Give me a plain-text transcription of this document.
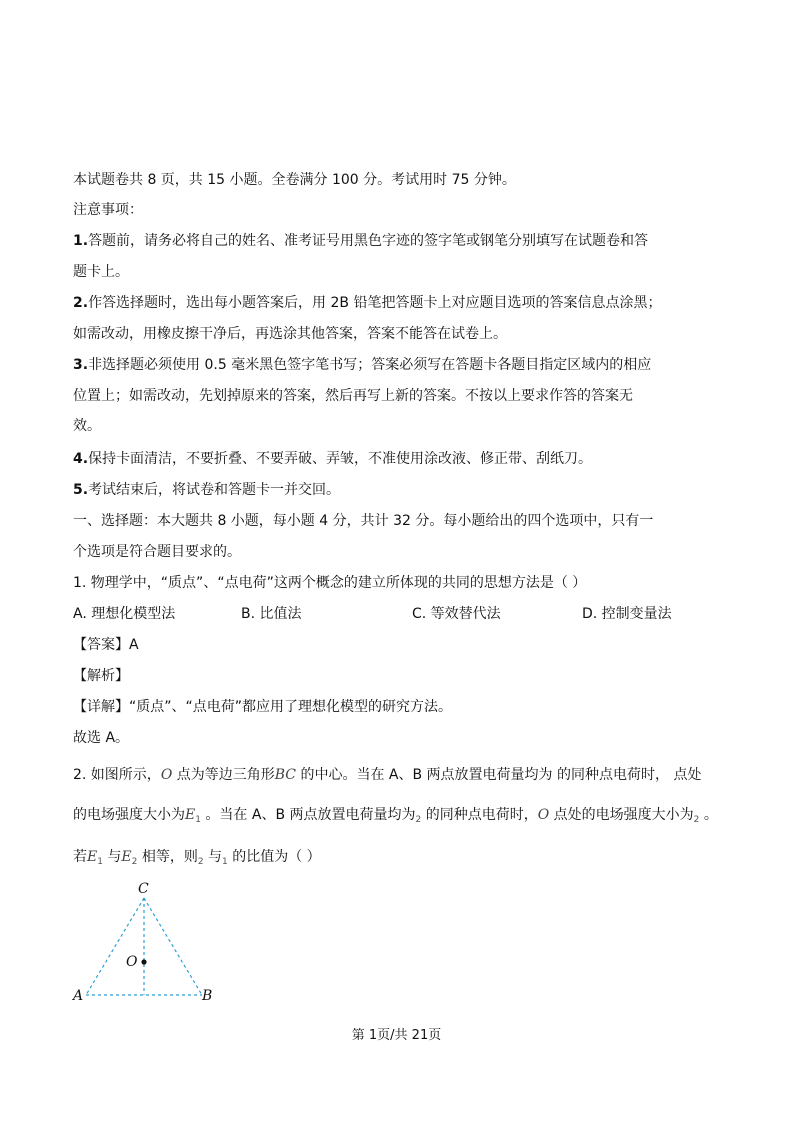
本试题卷共 8 页，共 15 小题。全卷满分 100 分。考试用时 75 分钟。
注意事项：
1.答题前，请务必将自己的姓名、准考证号用黑色字迹的签字笔或钢笔分别填写在试题卷和答
题卡上。
2.作答选择题时，选出每小题答案后，用 2B 铅笔把答题卡上对应题目选项的答案信息点涂黑；
如需改动，用橡皮擦干净后，再选涂其他答案，答案不能答在试卷上。
3.非选择题必须使用 0.5 毫米黑色签字笔书写；答案必须写在答题卡各题目指定区域内的相应
位置上；如需改动，先划掉原来的答案，然后再写上新的答案。不按以上要求作答的答案无
效。
4.保持卡面清洁，不要折叠、不要弄破、弄皱，不准使用涂改液、修正带、刮纸刀。
5.考试结束后，将试卷和答题卡一并交回。
一、选择题：本大题共 8 小题，每小题 4 分，共计 32 分。每小题给出的四个选项中，只有一
个选项是符合题目要求的。
1. 物理学中，“质点”、“点电荷”这两个概念的建立所体现的共同的思想方法是（ ）
A. 理想化模型法	B. 比值法	C. 等效替代法	D. 控制变量法
【答案】A
【解析】
【详解】“质点”、“点电荷”都应用了理想化模型的研究方法。
故选 A。
2. 如图所示，O 点为等边三角形BC 的中心。当在 A、B 两点放置电荷量均为 的同种点电荷时， 点处
的电场强度大小为$E_1$ 。当在 A、B 两点放置电荷量均为$_2$ 的同种点电荷时，O 点处的电场强度大小为$_2$ 。
若$E_1$ 与$E_2$ 相等，则$_2$ 与$_1$ 的比值为（ ）
C
O
A	B
第 1页/共 21页
